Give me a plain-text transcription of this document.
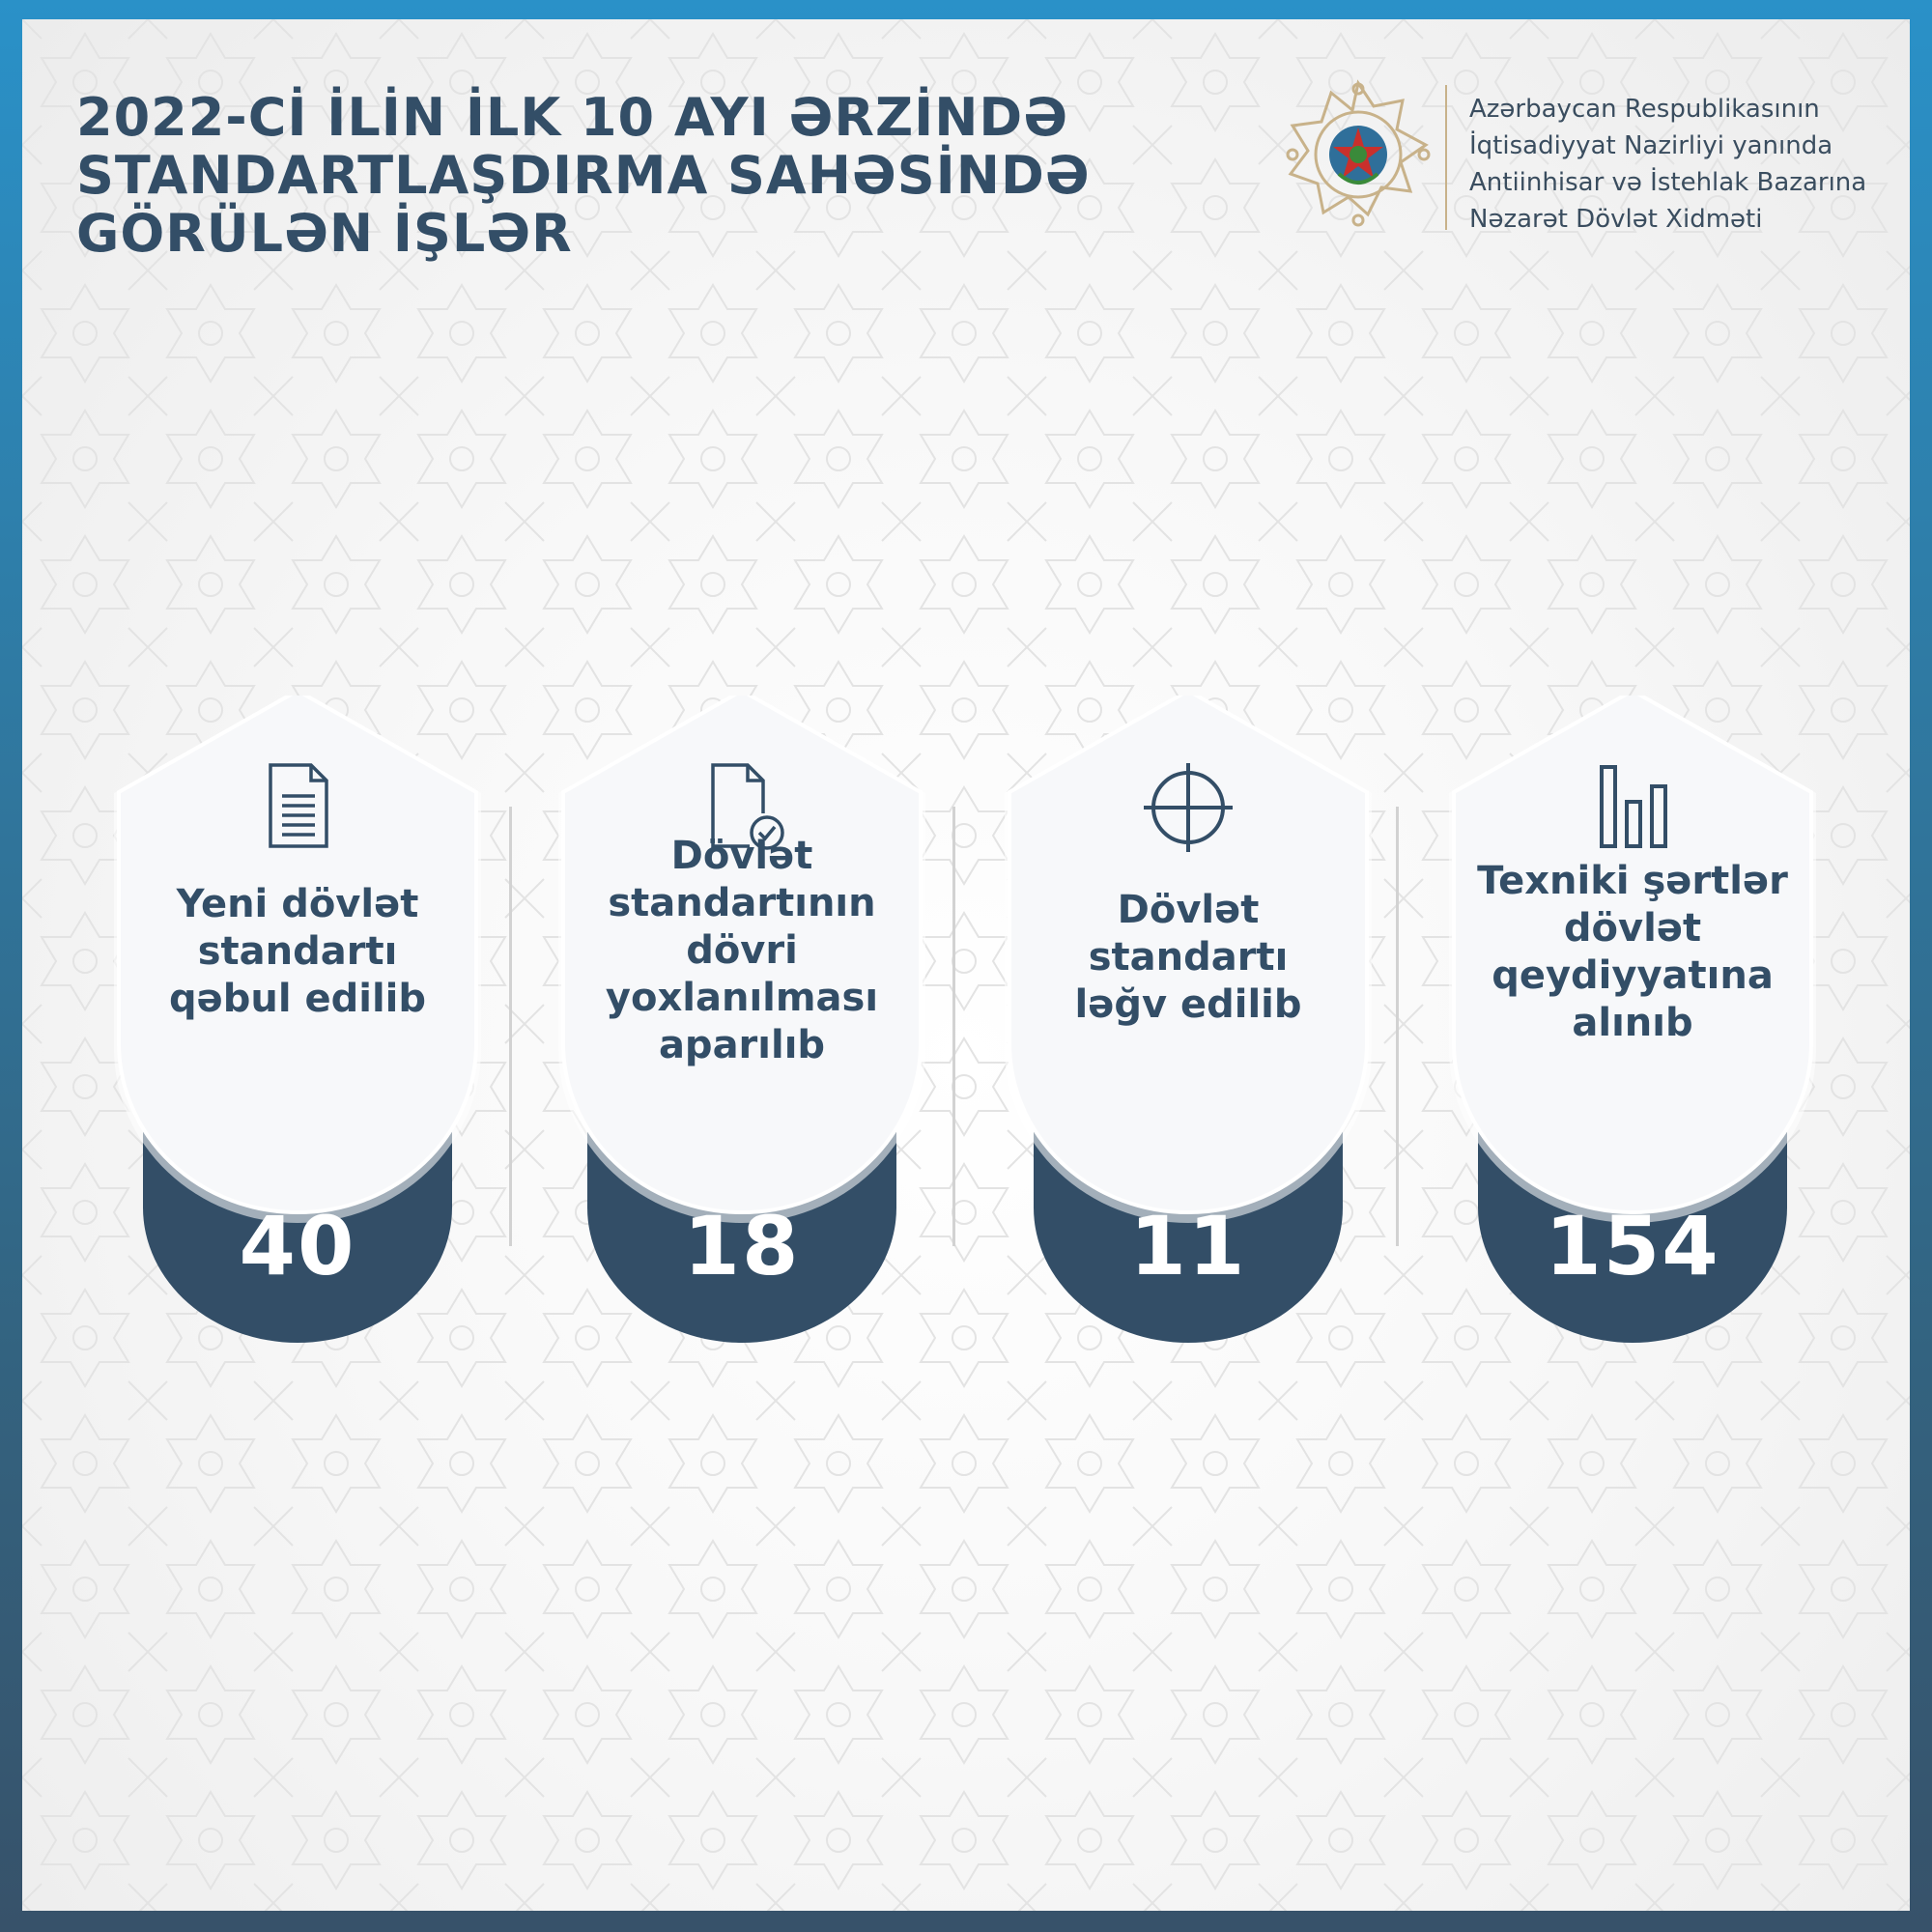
2022-Cİ İLİN İLK 10 AYI ƏRZİNDƏ
STANDARTLAŞDIRMA SAHƏSİNDƏ
GÖRÜLƏN İŞLƏR
Azərbaycan Respublikasının
İqtisadiyyat Nazirliyi yanında
Antiinhisar və İstehlak Bazarına
Nəzarət Dövlət Xidməti
Yeni dövlət
standartı
qəbul edilib
40
Dövlət
standartının
dövri
yoxlanılması
aparılıb
18
Dövlət
standartı
ləğv edilib
11
Texniki şərtlər
dövlət
qeydiyyatına
alınıb
154
